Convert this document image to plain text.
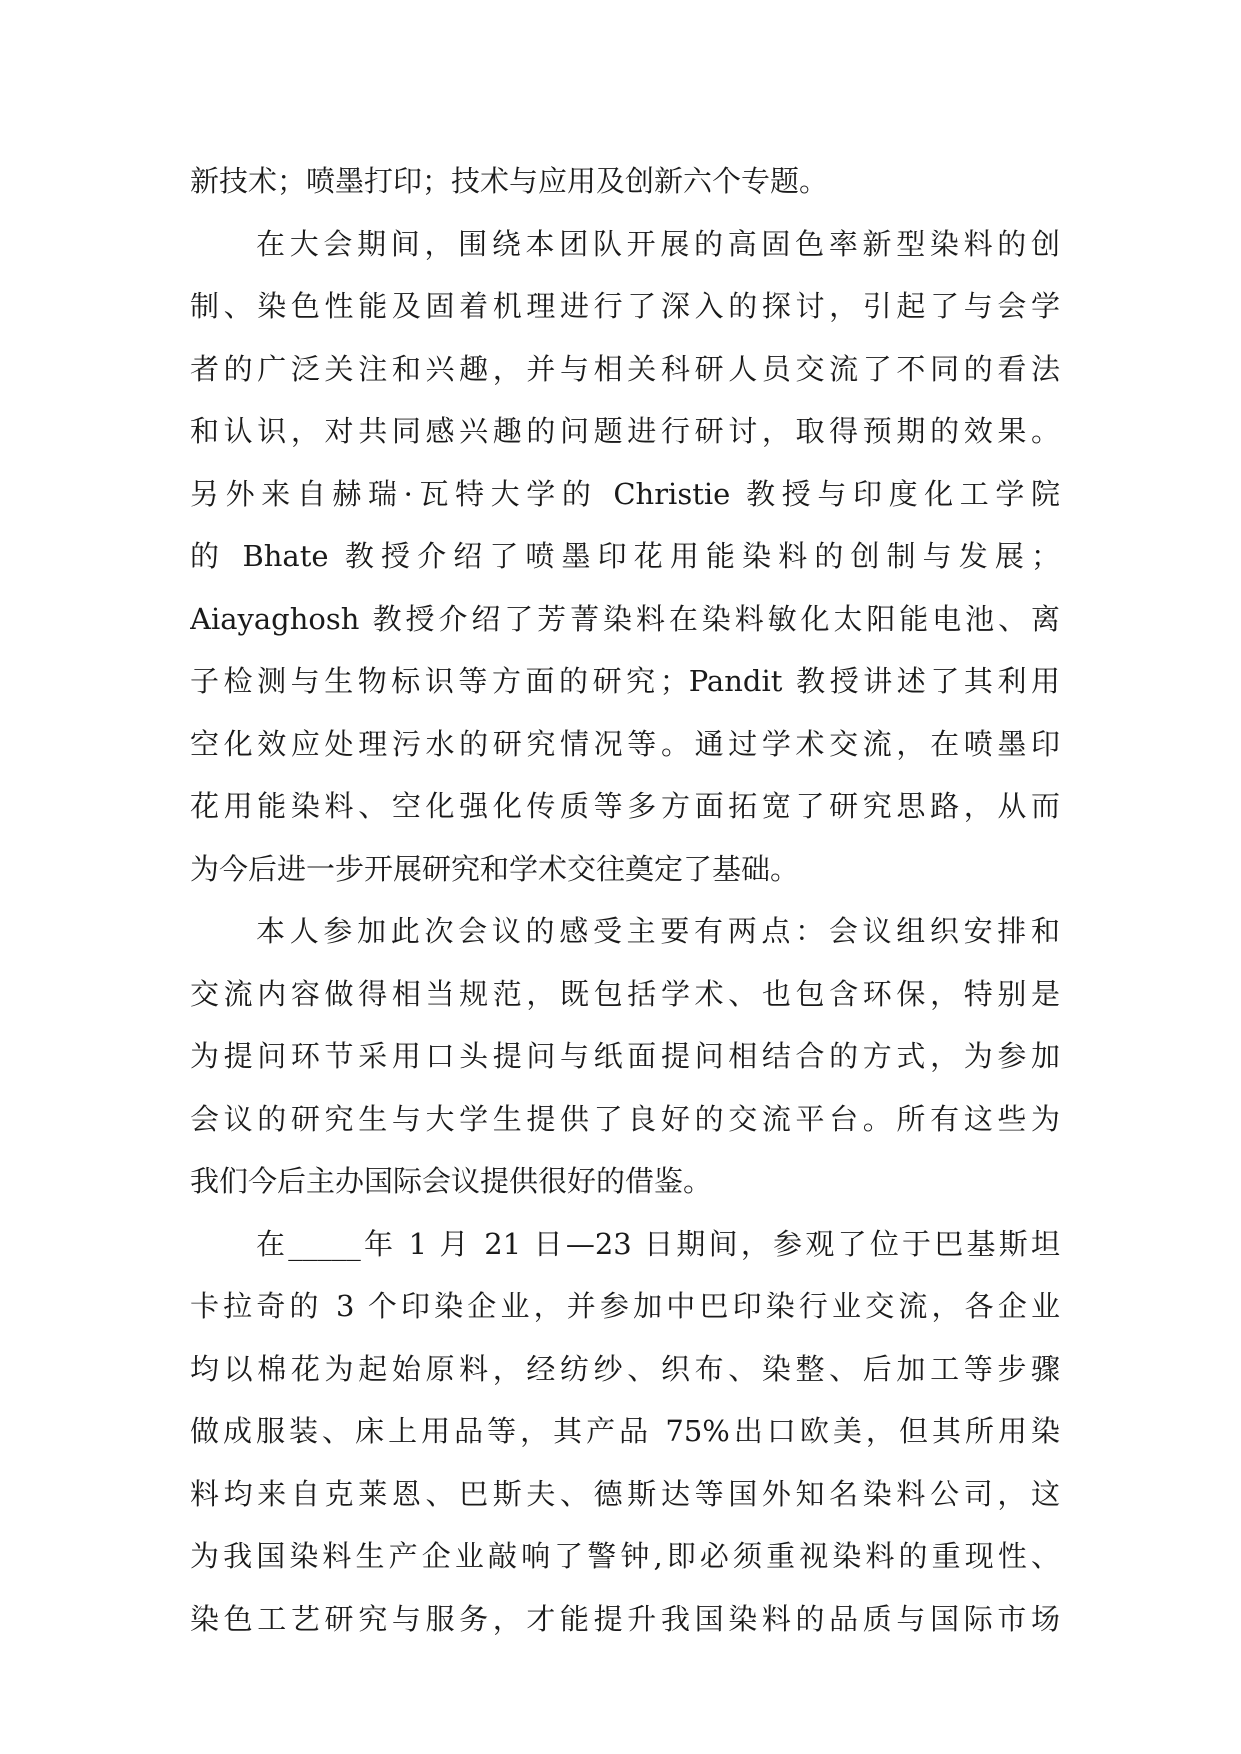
新技术；喷墨打印；技术与应用及创新六个专题。
在大会期间，围绕本团队开展的高固色率新型染料的创
制、染色性能及固着机理进行了深入的探讨，引起了与会学
者的广泛关注和兴趣，并与相关科研人员交流了不同的看法
和认识，对共同感兴趣的问题进行研讨，取得预期的效果。
另外来自赫瑞·瓦特大学的 Christie 教授与印度化工学院
的 Bhate 教授介绍了喷墨印花用能染料的创制与发展；
Aiayaghosh 教授介绍了芳菁染料在染料敏化太阳能电池、离
子检测与生物标识等方面的研究；Pandit 教授讲述了其利用
空化效应处理污水的研究情况等。通过学术交流，在喷墨印
花用能染料、空化强化传质等多方面拓宽了研究思路，从而
为今后进一步开展研究和学术交往奠定了基础。
本人参加此次会议的感受主要有两点：会议组织安排和
交流内容做得相当规范，既包括学术、也包含环保，特别是
为提问环节采用口头提问与纸面提问相结合的方式，为参加
会议的研究生与大学生提供了良好的交流平台。所有这些为
我们今后主办国际会议提供很好的借鉴。
在_____年 1 月 21 日—23 日期间，参观了位于巴基斯坦
卡拉奇的 3 个印染企业，并参加中巴印染行业交流，各企业
均以棉花为起始原料，经纺纱、织布、染整、后加工等步骤
做成服装、床上用品等，其产品 75%出口欧美，但其所用染
料均来自克莱恩、巴斯夫、德斯达等国外知名染料公司，这
为我国染料生产企业敲响了警钟,即必须重视染料的重现性、
染色工艺研究与服务，才能提升我国染料的品质与国际市场
